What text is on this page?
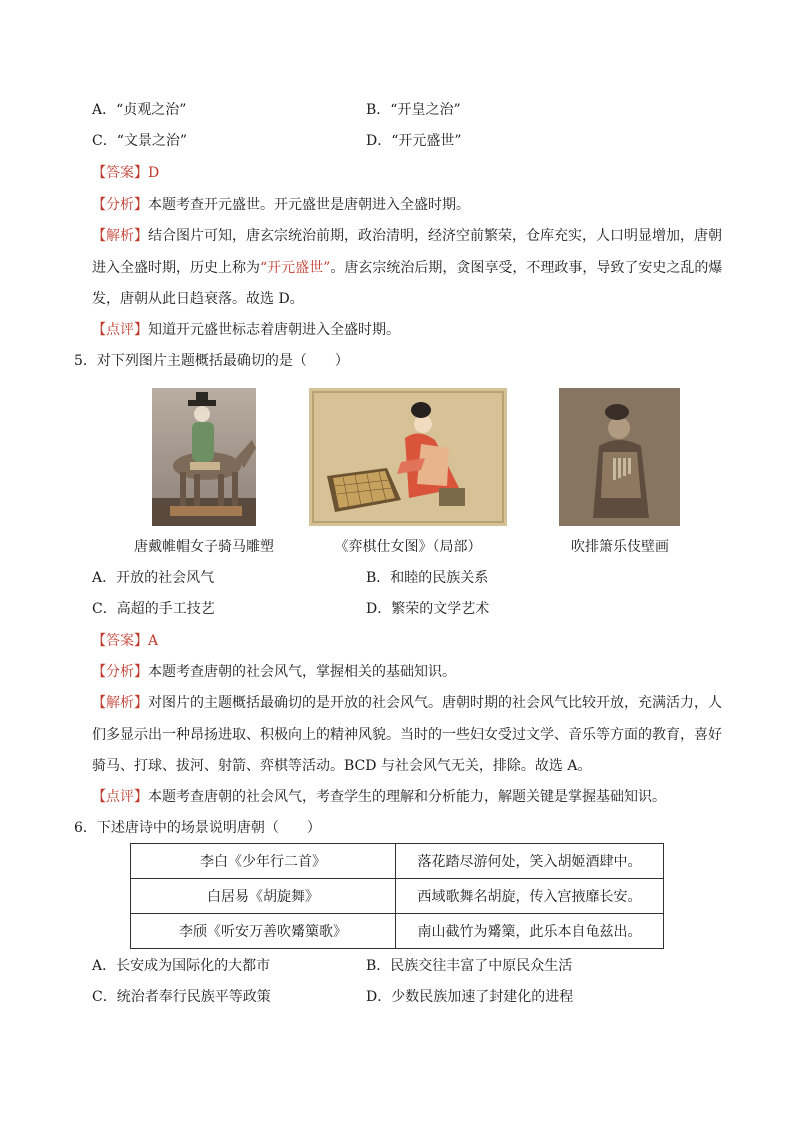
A．“贞观之治”	B．“开皇之治”
C．“文景之治”	D．“开元盛世”
【答案】D
【分析】本题考查开元盛世。开元盛世是唐朝进入全盛时期。
【解析】结合图片可知，唐玄宗统治前期，政治清明，经济空前繁荣，仓库充实，人口明显增加，唐朝
进入全盛时期，历史上称为“开元盛世”。唐玄宗统治后期，贪图享受，不理政事，导致了安史之乱的爆
发，唐朝从此日趋衰落。故选 D。
【点评】知道开元盛世标志着唐朝进入全盛时期。
5．对下列图片主题概括最确切的是（　　）
唐戴帷帽女子骑马雕塑	《弈棋仕女图》（局部）	吹排箫乐伎壁画
A．开放的社会风气	B．和睦的民族关系
C．高超的手工技艺	D．繁荣的文学艺术
【答案】A
【分析】本题考查唐朝的社会风气，掌握相关的基础知识。
【解析】对图片的主题概括最确切的是开放的社会风气。唐朝时期的社会风气比较开放，充满活力，人
们多显示出一种昂扬进取、积极向上的精神风貌。当时的一些妇女受过文学、音乐等方面的教育，喜好
骑马、打球、拔河、射箭、弈棋等活动。BCD 与社会风气无关，排除。故选 A。
【点评】本题考查唐朝的社会风气，考查学生的理解和分析能力，解题关键是掌握基础知识。
6．下述唐诗中的场景说明唐朝（　　）
李白《少年行二首》	落花踏尽游何处，笑入胡姬酒肆中。
白居易《胡旋舞》	西域歌舞名胡旋，传入宫掖靡长安。
李颀《听安万善吹觱篥歌》	南山截竹为觱篥，此乐本自龟兹出。
A．长安成为国际化的大都市	B．民族交往丰富了中原民众生活
C．统治者奉行民族平等政策	D．少数民族加速了封建化的进程
